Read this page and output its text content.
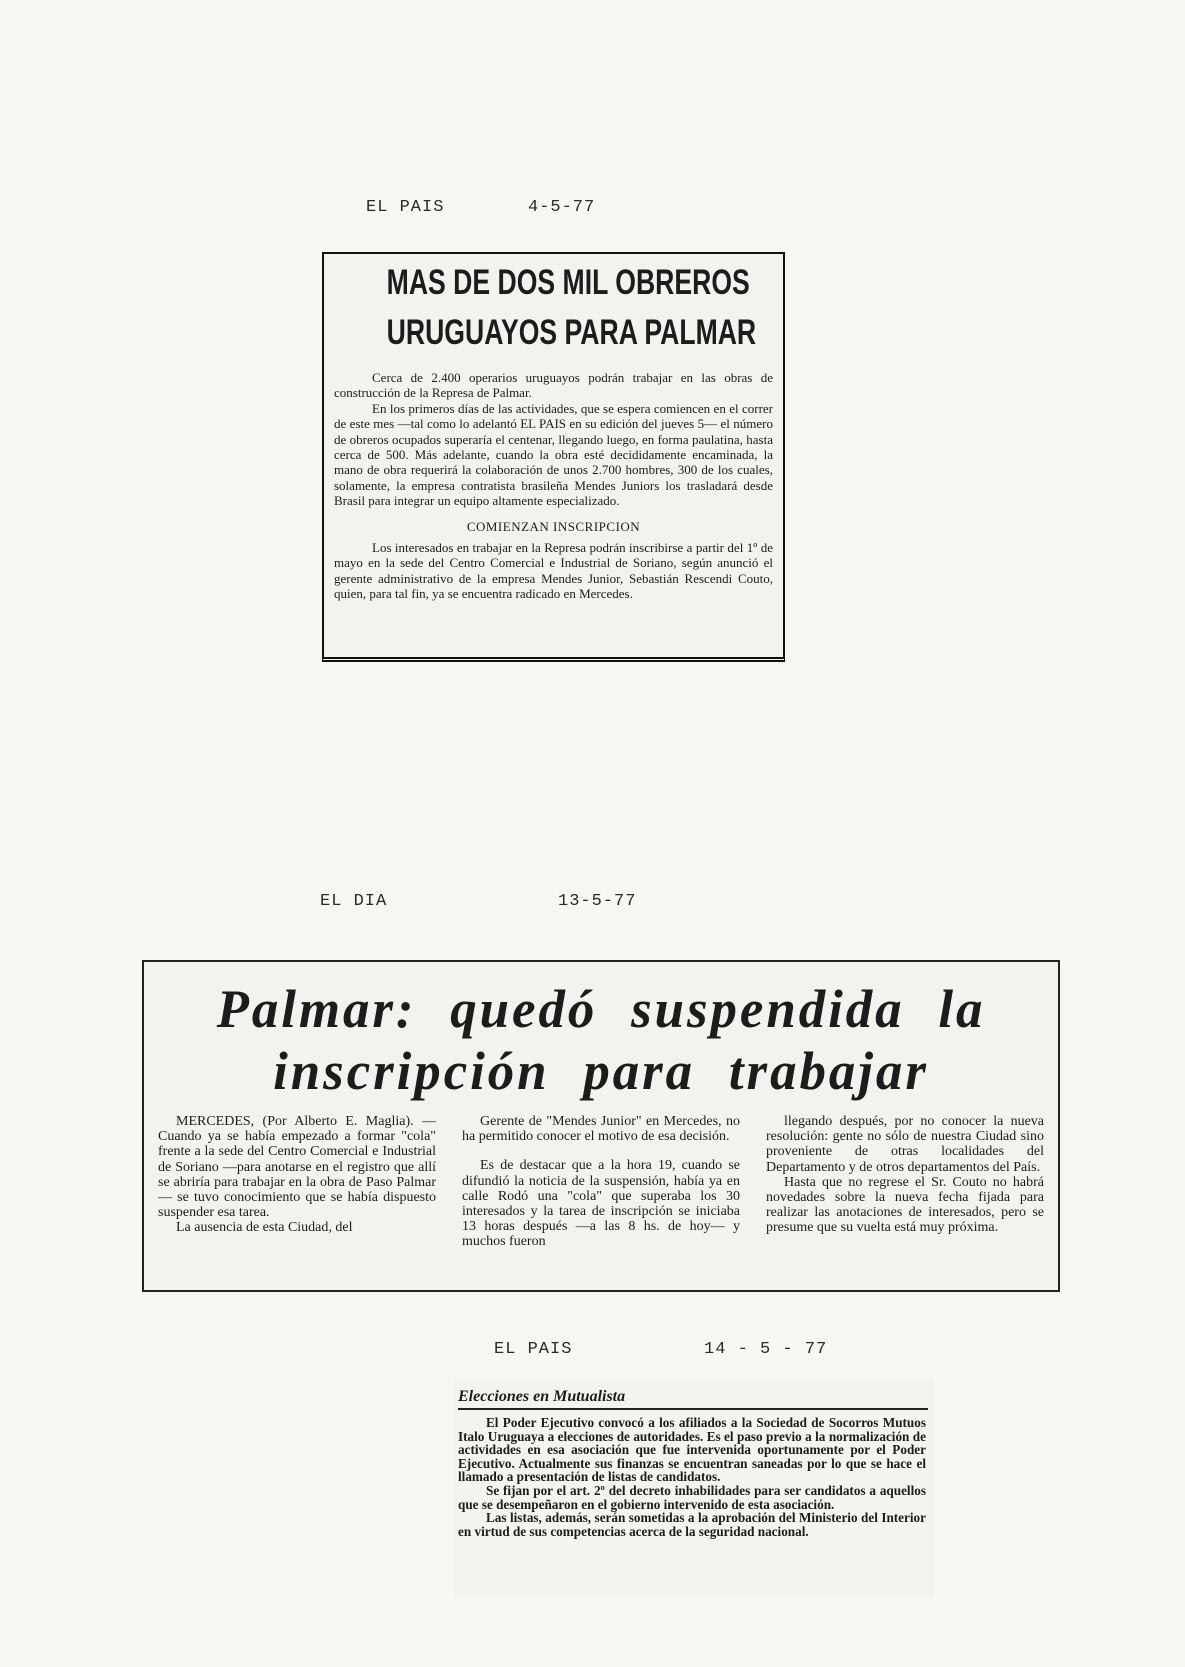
EL PAIS	4-5-77
MAS DE DOS MIL OBREROS
URUGUAYOS PARA PALMAR

Cerca de 2.400 operarios uruguayos podrán trabajar en las obras de construcción de la Represa de Palmar.

En los primeros días de las actividades, que se espera comiencen en el correr de este mes —tal como lo adelantó EL PAIS en su edición del jueves 5— el número de obreros ocupados superaría el centenar, llegando luego, en forma paulatina, hasta cerca de 500. Más adelante, cuando la obra esté decididamente encaminada, la mano de obra requerirá la colaboración de unos 2.700 hombres, 300 de los cuales, solamente, la empresa contratista brasileña Mendes Juniors los trasladará desde Brasil para integrar un equipo altamente especializado.

COMIENZAN INSCRIPCION

Los interesados en trabajar en la Represa podrán inscribirse a partir del 1º de mayo en la sede del Centro Comercial e Industrial de Soriano, según anunció el gerente administrativo de la empresa Mendes Junior, Sebastián Rescendi Couto, quien, para tal fin, ya se encuentra radicado en Mercedes.

EL DIA	13-5-77
Palmar: quedó suspendida la
inscripción para trabajar

MERCEDES, (Por Alberto E. Maglia). — Cuando ya se había empezado a formar "cola" frente a la sede del Centro Comercial e Industrial de Soriano —para anotarse en el registro que allí se abriría para trabajar en la obra de Paso Palmar— se tuvo conocimiento que se había dispuesto suspender esa tarea.

La ausencia de esta Ciudad, del

Gerente de "Mendes Junior" en Mercedes, no ha permitido conocer el motivo de esa decisión.

Es de destacar que a la hora 19, cuando se difundió la noticia de la suspensión, había ya en calle Rodó una "cola" que superaba los 30 interesados y la tarea de inscripción se iniciaba 13 horas después —a las 8 hs. de hoy— y muchos fueron

llegando después, por no conocer la nueva resolución: gente no sólo de nuestra Ciudad sino proveniente de otras localidades del Departamento y de otros departamentos del País.

Hasta que no regrese el Sr. Couto no habrá novedades sobre la nueva fecha fijada para realizar las anotaciones de interesados, pero se presume que su vuelta está muy próxima.

EL PAIS	14 - 5 - 77
Elecciones en Mutualista

El Poder Ejecutivo convocó a los afiliados a la Sociedad de Socorros Mutuos Italo Uruguaya a elecciones de autoridades. Es el paso previo a la normalización de actividades en esa asociación que fue intervenida oportunamente por el Poder Ejecutivo. Actualmente sus finanzas se encuentran saneadas por lo que se hace el llamado a presentación de listas de candidatos.

Se fijan por el art. 2º del decreto inhabilidades para ser candidatos a aquellos que se desempeñaron en el gobierno intervenido de esta asociación.

Las listas, además, serán sometidas a la aprobación del Ministerio del Interior en virtud de sus competencias acerca de la seguridad nacional.
